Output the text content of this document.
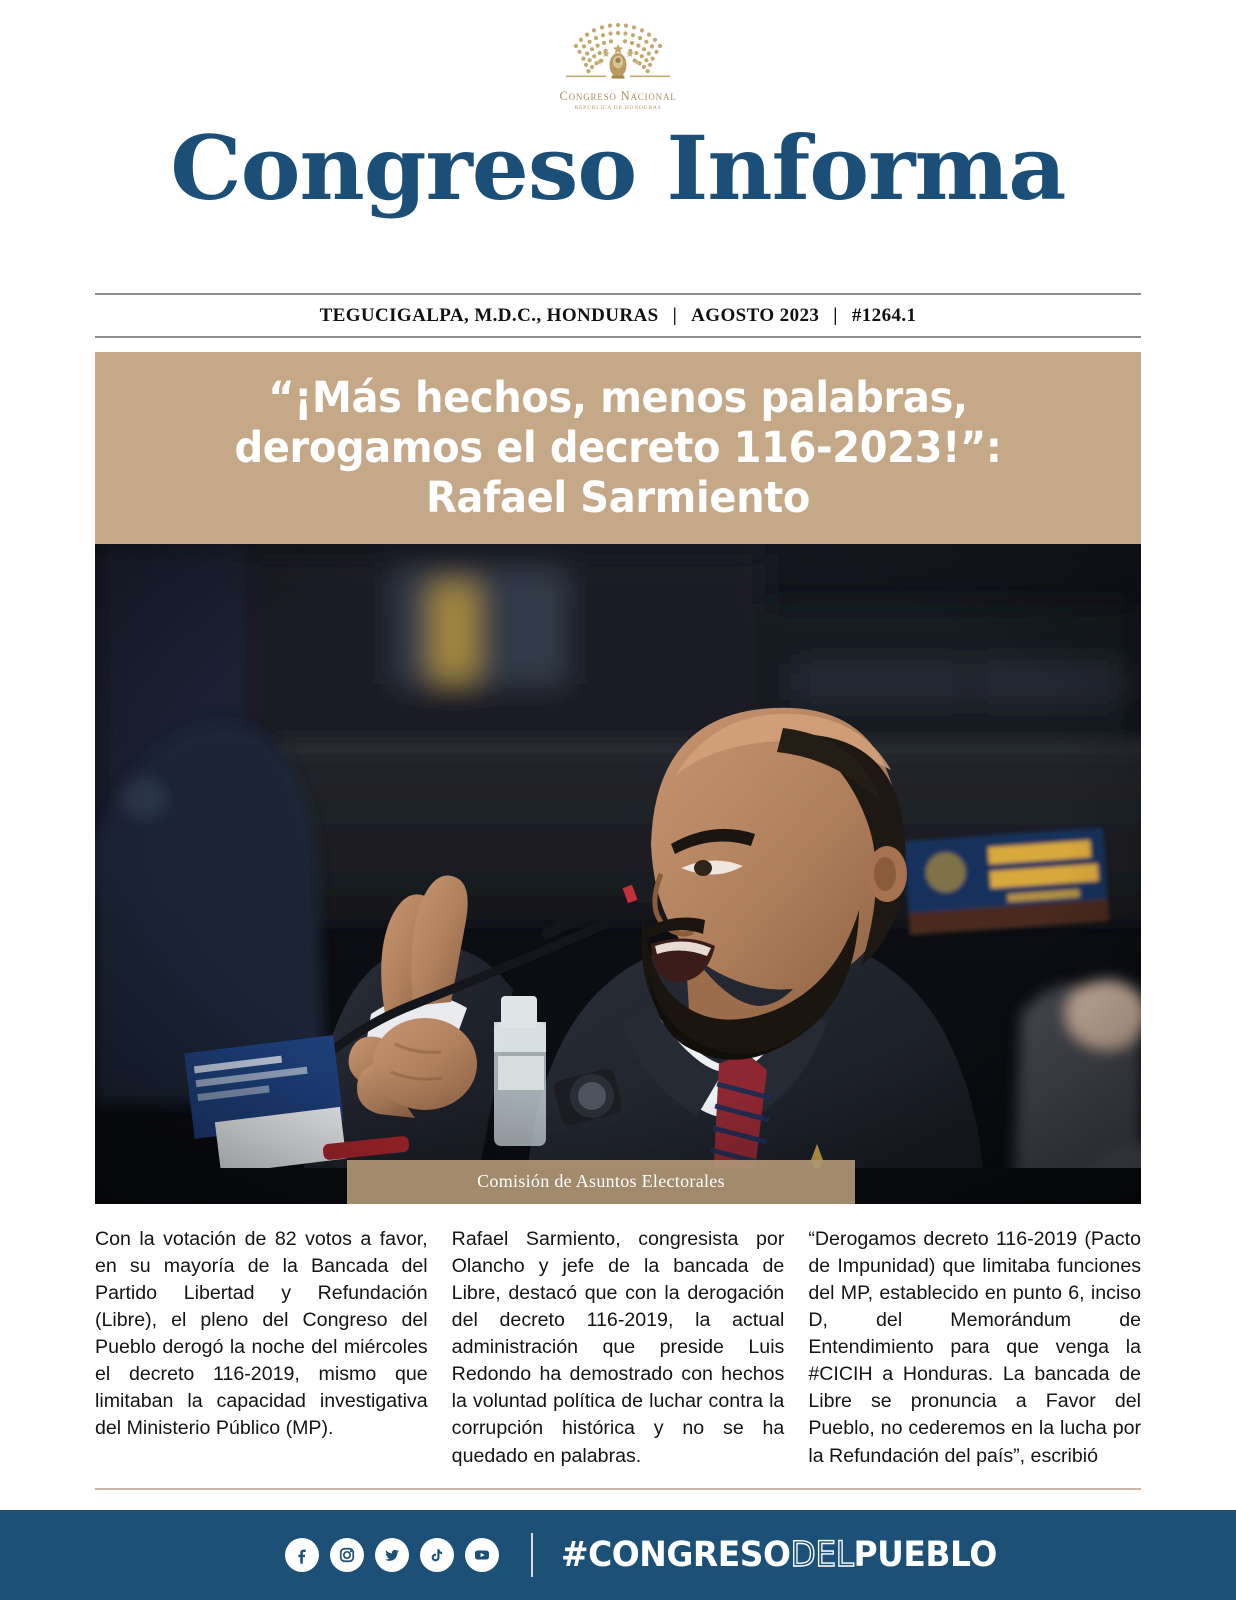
Congreso Nacional
REPÚBLICA DE HONDURAS
Congreso Informa
TEGUCIGALPA, M.D.C., HONDURAS | AGOSTO 2023 | #1264.1
“¡Más hechos, menos palabras,
derogamos el decreto 116-2023!”:
Rafael Sarmiento
Comisión de Asuntos Electorales

Con la votación de 82 votos a favor, en su mayoría de la Bancada del Partido Libertad y Refundación (Libre), el pleno del Congreso del Pueblo derogó la noche del miércoles el decreto 116-2019, mismo que limitaban la capacidad investigativa del Ministerio Público (MP).

Rafael Sarmiento, congresista por Olancho y jefe de la bancada de Libre, destacó que con la derogación del decreto 116-2019, la actual administración que preside Luis Redondo ha demostrado con hechos la voluntad política de luchar contra la corrupción histórica y no se ha quedado en palabras.

“Derogamos decreto 116-2019 (Pacto de Impunidad) que limitaba funciones del MP, establecido en punto 6, inciso D, del Memorándum de Entendimiento para que venga la #CICIH a Honduras. La bancada de Libre se pronuncia a Favor del Pueblo, no cederemos en la lucha por la Refundación del país”, escribió

#CONGRESODELPUEBLO
